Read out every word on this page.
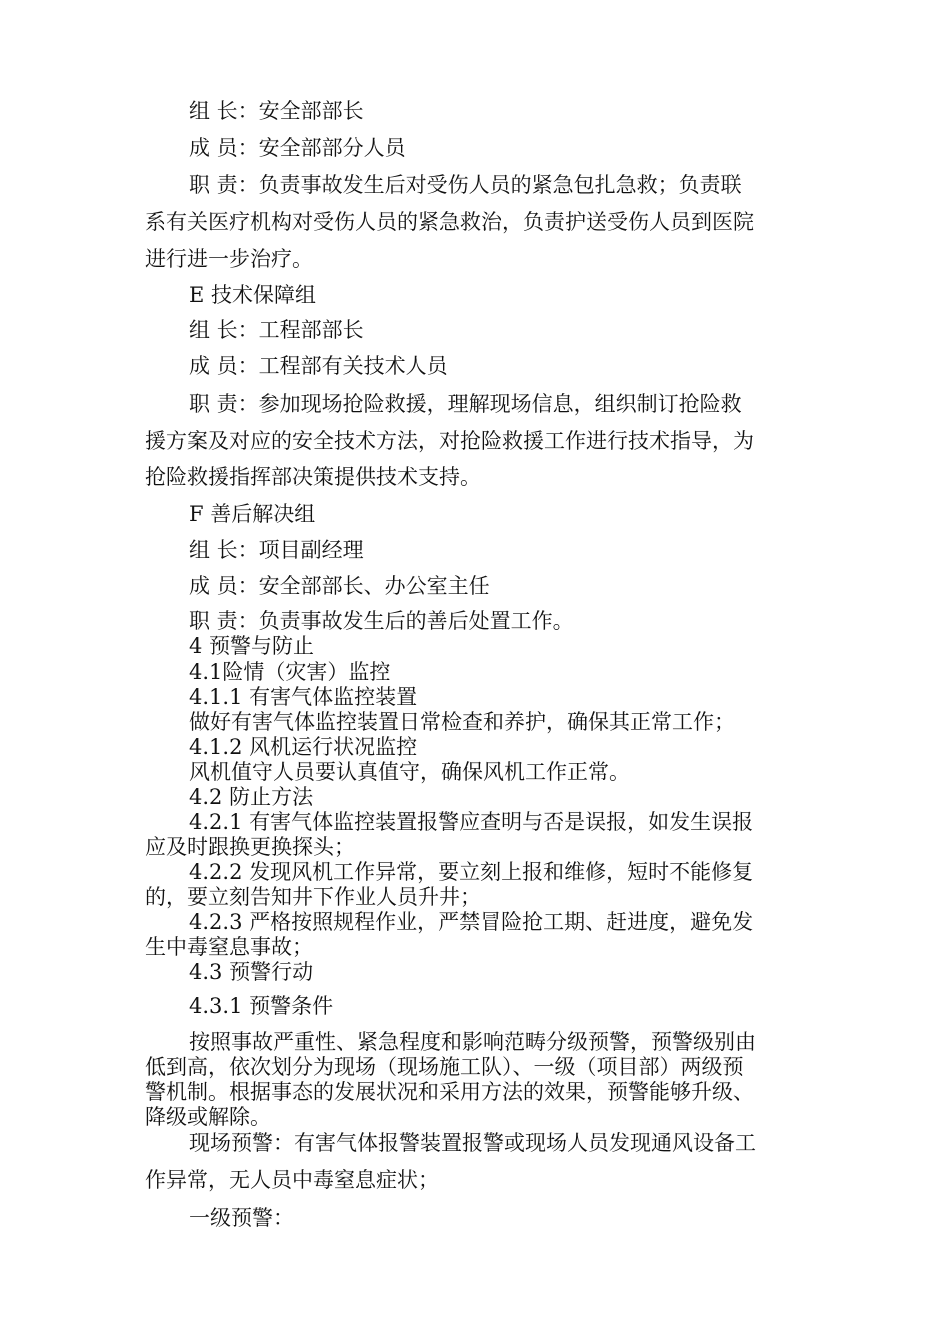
组 长：安全部部长
成 员：安全部部分人员
职 责：负责事故发生后对受伤人员的紧急包扎急救；负责联
系有关医疗机构对受伤人员的紧急救治，负责护送受伤人员到医院
进行进一步治疗。
E 技术保障组
组 长：工程部部长
成 员：工程部有关技术人员
职 责：参加现场抢险救援，理解现场信息，组织制订抢险救
援方案及对应的安全技术方法，对抢险救援工作进行技术指导，为
抢险救援指挥部决策提供技术支持。
F 善后解决组
组 长：项目副经理
成 员：安全部部长、办公室主任
职 责：负责事故发生后的善后处置工作。
4 预警与防止
4.1险情（灾害）监控
4.1.1 有害气体监控装置
做好有害气体监控装置日常检查和养护，确保其正常工作；
4.1.2 风机运行状况监控
风机值守人员要认真值守，确保风机工作正常。
4.2 防止方法
4.2.1 有害气体监控装置报警应查明与否是误报，如发生误报
应及时跟换更换探头；
4.2.2 发现风机工作异常，要立刻上报和维修，短时不能修复
的，要立刻告知井下作业人员升井；
4.2.3 严格按照规程作业，严禁冒险抢工期、赶进度，避免发
生中毒窒息事故；
4.3 预警行动
4.3.1 预警条件
按照事故严重性、紧急程度和影响范畴分级预警，预警级别由
低到高，依次划分为现场（现场施工队）、一级（项目部）两级预
警机制。根据事态的发展状况和采用方法的效果，预警能够升级、
降级或解除。
现场预警：有害气体报警装置报警或现场人员发现通风设备工
作异常，无人员中毒窒息症状；
一级预警：
